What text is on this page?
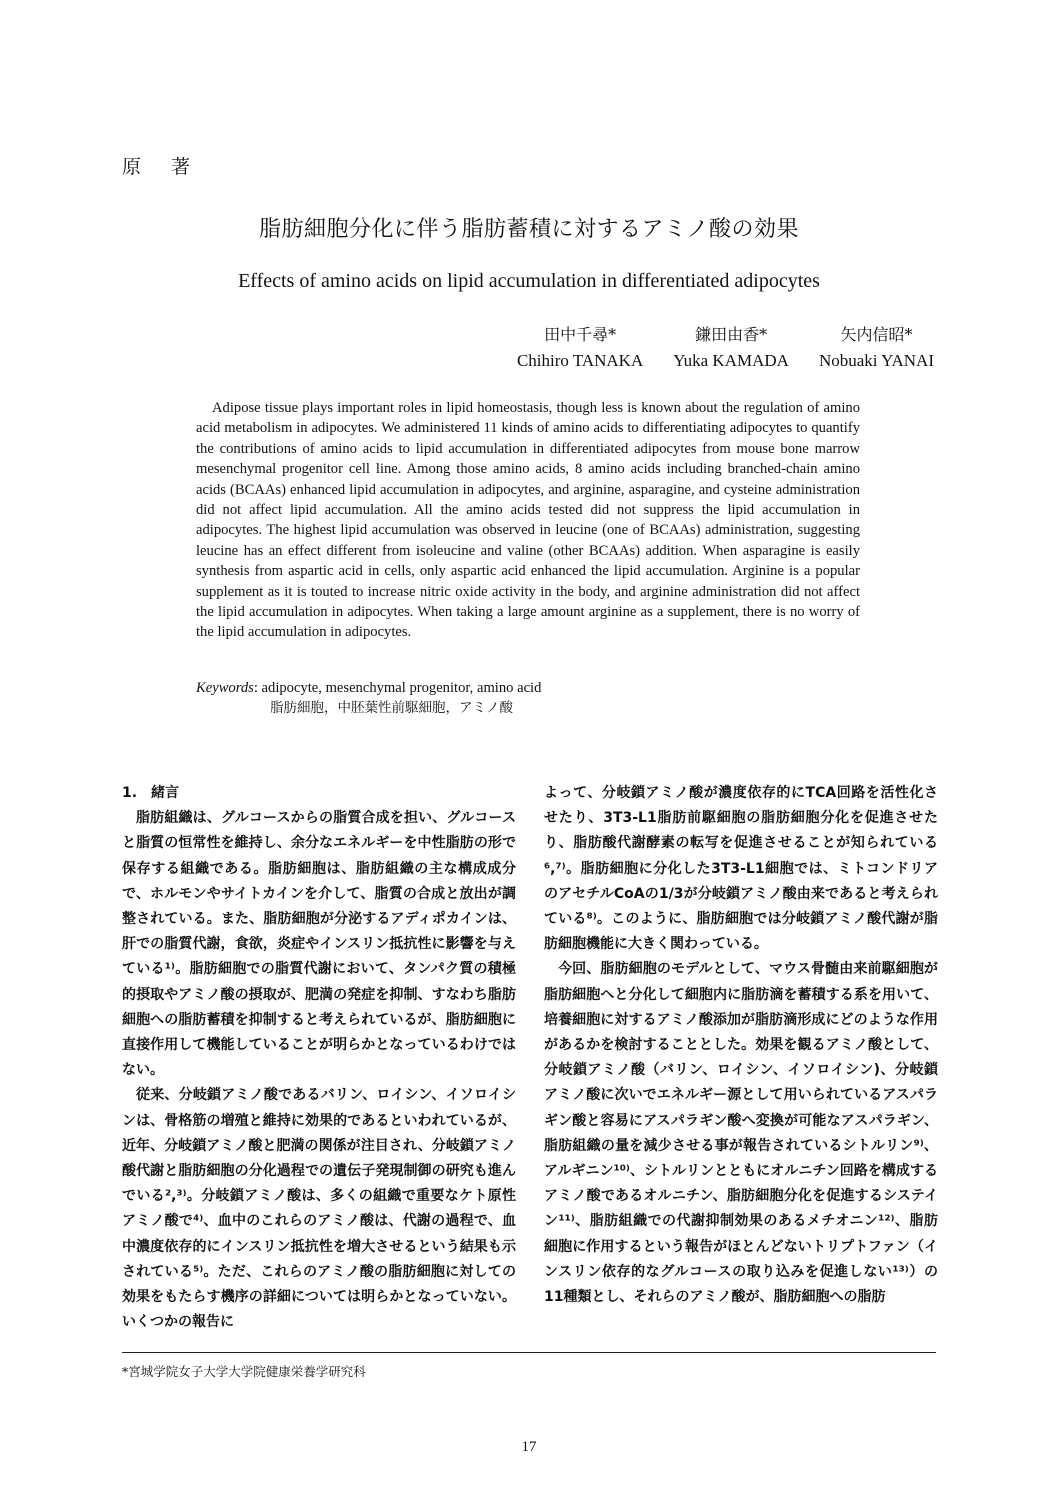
原著
脂肪細胞分化に伴う脂肪蓄積に対するアミノ酸の効果
Effects of amino acids on lipid accumulation in differentiated adipocytes
田中千尋*
Chihiro TANAKA
鎌田由香*
Yuka KAMADA
矢内信昭*
Nobuaki YANAI
Adipose tissue plays important roles in lipid homeostasis, though less is known about the regulation of amino acid metabolism in adipocytes. We administered 11 kinds of amino acids to differentiating adipocytes to quantify the contributions of amino acids to lipid accumulation in differentiated adipocytes from mouse bone marrow mesenchymal progenitor cell line. Among those amino acids, 8 amino acids including branched-chain amino acids (BCAAs) enhanced lipid accumulation in adipocytes, and arginine, asparagine, and cysteine administration did not affect lipid accumulation. All the amino acids tested did not suppress the lipid accumulation in adipocytes. The highest lipid accumulation was observed in leucine (one of BCAAs) administration, suggesting leucine has an effect different from isoleucine and valine (other BCAAs) addition. When asparagine is easily synthesis from aspartic acid in cells, only aspartic acid enhanced the lipid accumulation. Arginine is a popular supplement as it is touted to increase nitric oxide activity in the body, and arginine administration did not affect the lipid accumulation in adipocytes. When taking a large amount arginine as a supplement, there is no worry of the lipid accumulation in adipocytes.
Keywords: adipocyte, mesenchymal progenitor, amino acid
脂肪細胞，中胚葉性前駆細胞，アミノ酸
1.　緒言

脂肪組織は、グルコースからの脂質合成を担い、グルコースと脂質の恒常性を維持し、余分なエネルギーを中性脂肪の形で保存する組織である。脂肪細胞は、脂肪組織の主な構成成分で、ホルモンやサイトカインを介して、脂質の合成と放出が調整されている。また、脂肪細胞が分泌するアディポカインは、肝での脂質代謝，食欲，炎症やインスリン抵抗性に影響を与えている¹⁾。脂肪細胞での脂質代謝において、タンパク質の積極的摂取やアミノ酸の摂取が、肥満の発症を抑制、すなわち脂肪細胞への脂肪蓄積を抑制すると考えられているが、脂肪細胞に直接作用して機能していることが明らかとなっているわけではない。

従来、分岐鎖アミノ酸であるバリン、ロイシン、イソロイシンは、骨格筋の増殖と維持に効果的であるといわれているが、近年、分岐鎖アミノ酸と肥満の関係が注目され、分岐鎖アミノ酸代謝と脂肪細胞の分化過程での遺伝子発現制御の研究も進んでいる²,³⁾。分岐鎖アミノ酸は、多くの組織で重要なケト原性アミノ酸で⁴⁾、血中のこれらのアミノ酸は、代謝の過程で、血中濃度依存的にインスリン抵抗性を増大させるという結果も示されている⁵⁾。ただ、これらのアミノ酸の脂肪細胞に対しての効果をもたらす機序の詳細については明らかとなっていない。いくつかの報告に

よって、分岐鎖アミノ酸が濃度依存的にTCA回路を活性化させたり、3T3-L1脂肪前駆細胞の脂肪細胞分化を促進させたり、脂肪酸代謝酵素の転写を促進させることが知られている⁶,⁷⁾。脂肪細胞に分化した3T3-L1細胞では、ミトコンドリアのアセチルCoAの1/3が分岐鎖アミノ酸由来であると考えられている⁸⁾。このように、脂肪細胞では分岐鎖アミノ酸代謝が脂肪細胞機能に大きく関わっている。

今回、脂肪細胞のモデルとして、マウス骨髄由来前駆細胞が脂肪細胞へと分化して細胞内に脂肪滴を蓄積する系を用いて、培養細胞に対するアミノ酸添加が脂肪滴形成にどのような作用があるかを検討することとした。効果を観るアミノ酸として、分岐鎖アミノ酸（バリン、ロイシン、イソロイシン)、分岐鎖アミノ酸に次いでエネルギー源として用いられているアスパラギン酸と容易にアスパラギン酸へ変換が可能なアスパラギン、脂肪組織の量を減少させる事が報告されているシトルリン⁹⁾、アルギニン¹⁰⁾、シトルリンとともにオルニチン回路を構成するアミノ酸であるオルニチン、脂肪細胞分化を促進するシステイン¹¹⁾、脂肪組織での代謝抑制効果のあるメチオニン¹²⁾、脂肪細胞に作用するという報告がほとんどないトリプトファン（インスリン依存的なグルコースの取り込みを促進しない¹³⁾）の11種類とし、それらのアミノ酸が、脂肪細胞への脂肪

*宮城学院女子大学大学院健康栄養学研究科
17
